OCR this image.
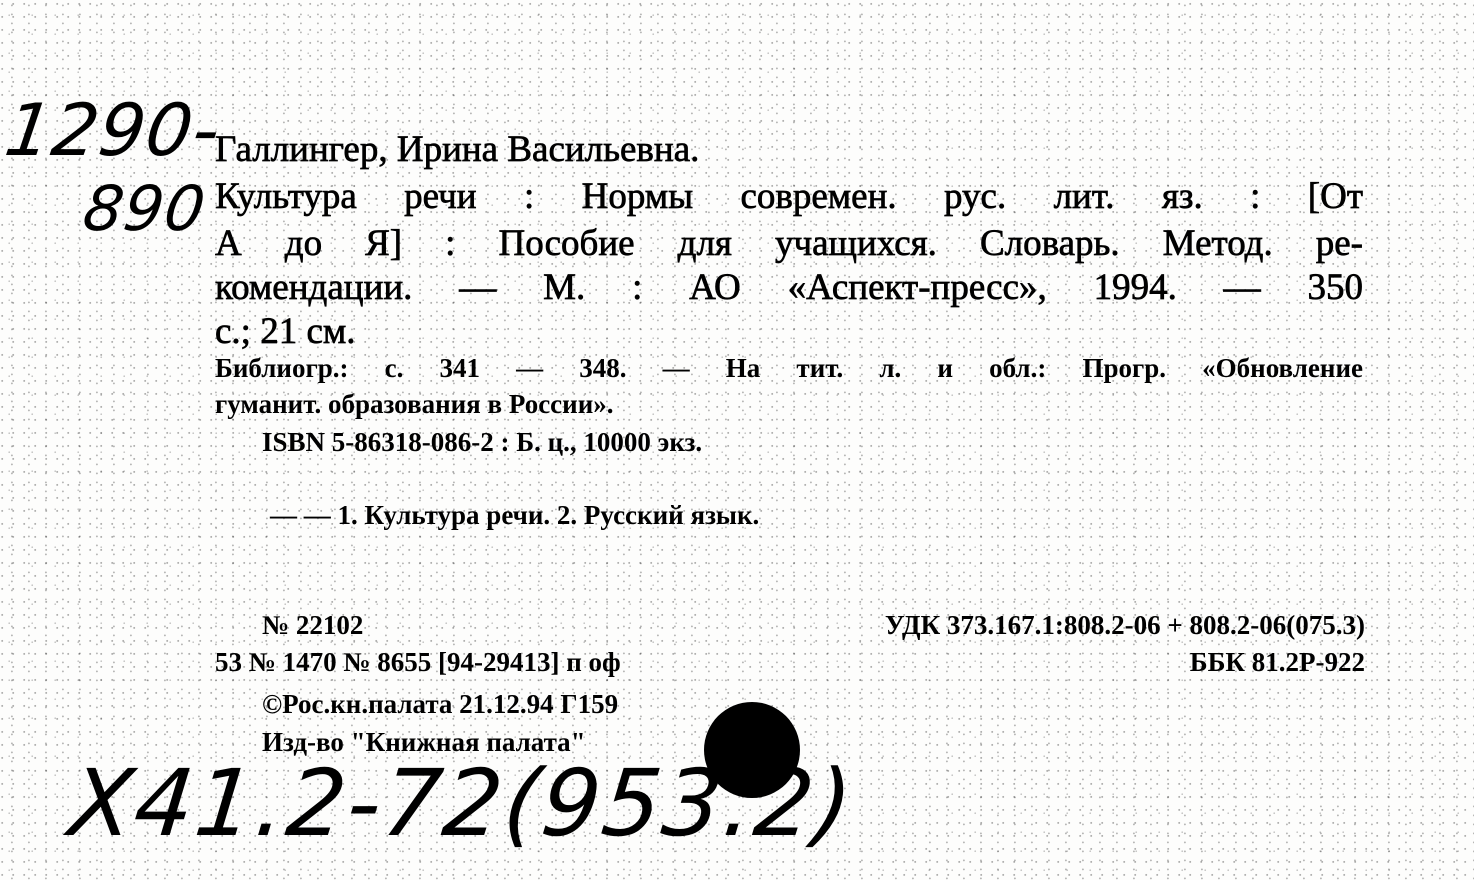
1290-
890
Галлингер, Ирина Васильевна.
Культура речи : Нормы современ. рус. лит. яз. : [От
А до Я] : Пособие для учащихся. Словарь. Метод. ре-
комендации. — М. : АО «Аспект-пресс», 1994. — 350
с.; 21 см.
Библиогр.: с. 341 — 348. — На тит. л. и обл.: Прогр. «Обновление
гуманит. образования в России».
ISBN 5-86318-086-2 : Б. ц., 10000 экз.
— — 1. Культура речи. 2. Русский язык.
№ 22102	УДК 373.167.1:808.2-06 + 808.2-06(075.3)
53 № 1470 № 8655 [94-29413] п оф	ББК 81.2Р-922
©Рос.кн.палата 21.12.94 Г159
Изд-во "Книжная палата"
X41.2-72(953.2)
